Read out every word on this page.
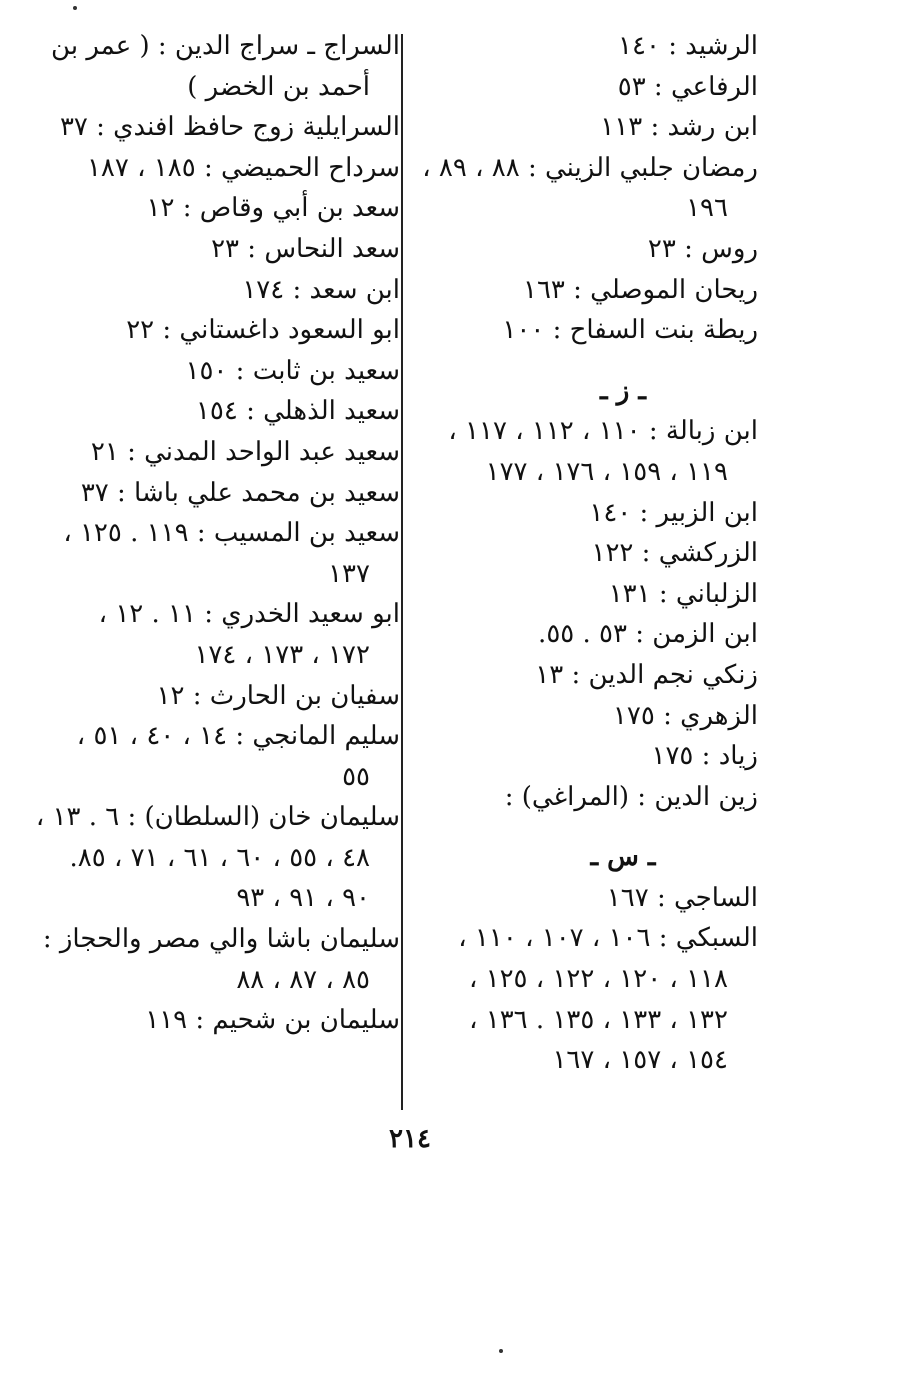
الرشيد : ١٤٠
الرفاعي : ٥٣
ابن رشد : ١١٣
رمضان جلبي الزيني : ٨٨ ، ٨٩ ،
١٩٦
روس : ٢٣
ريحان الموصلي : ١٦٣
ريطة بنت السفاح : ١٠٠
ـ ز ـ
ابن زبالة : ١١٠ ، ١١٢ ، ١١٧ ،
١١٩ ، ١٥٩ ، ١٧٦ ، ١٧٧
ابن الزبير : ١٤٠
الزركشي : ١٢٢
الزلباني : ١٣١
ابن الزمن : ٥٣ . ٥٥.
زنكي نجم الدين : ١٣
الزهري : ١٧٥
زياد : ١٧٥
زين الدين : (المراغي) :
ـ س ـ
الساجي : ١٦٧
السبكي : ١٠٦ ، ١٠٧ ، ١١٠ ،
١١٨ ، ١٢٠ ، ١٢٢ ، ١٢٥ ،
١٣٢ ، ١٣٣ ، ١٣٥ . ١٣٦ ،
١٥٤ ، ١٥٧ ، ١٦٧
السراج ـ سراج الدين : ( عمر بن
أحمد بن الخضر )
السرايلية زوج حافظ افندي : ٣٧
سرداح الحميضي : ١٨٥ ، ١٨٧
سعد بن أبي وقاص : ١٢
سعد النحاس : ٢٣
ابن سعد : ١٧٤
ابو السعود داغستاني : ٢٢
سعيد بن ثابت : ١٥٠
سعيد الذهلي : ١٥٤
سعيد عبد الواحد المدني : ٢١
سعيد بن محمد علي باشا : ٣٧
سعيد بن المسيب : ١١٩ . ١٢٥ ،
١٣٧
ابو سعيد الخدري : ١١ . ١٢ ،
١٧٢ ، ١٧٣ ، ١٧٤
سفيان بن الحارث : ١٢
سليم المانجي : ١٤ ، ٤٠ ، ٥١ ،
٥٥
سليمان خان (السلطان) : ٦ . ١٣ ،
٤٨ ، ٥٥ ، ٦٠ ، ٦١ ، ٧١ ، ٨٥.
٩٠ ، ٩١ ، ٩٣
سليمان باشا والي مصر والحجاز :
٨٥ ، ٨٧ ، ٨٨
سليمان بن شحيم : ١١٩
٢١٤
